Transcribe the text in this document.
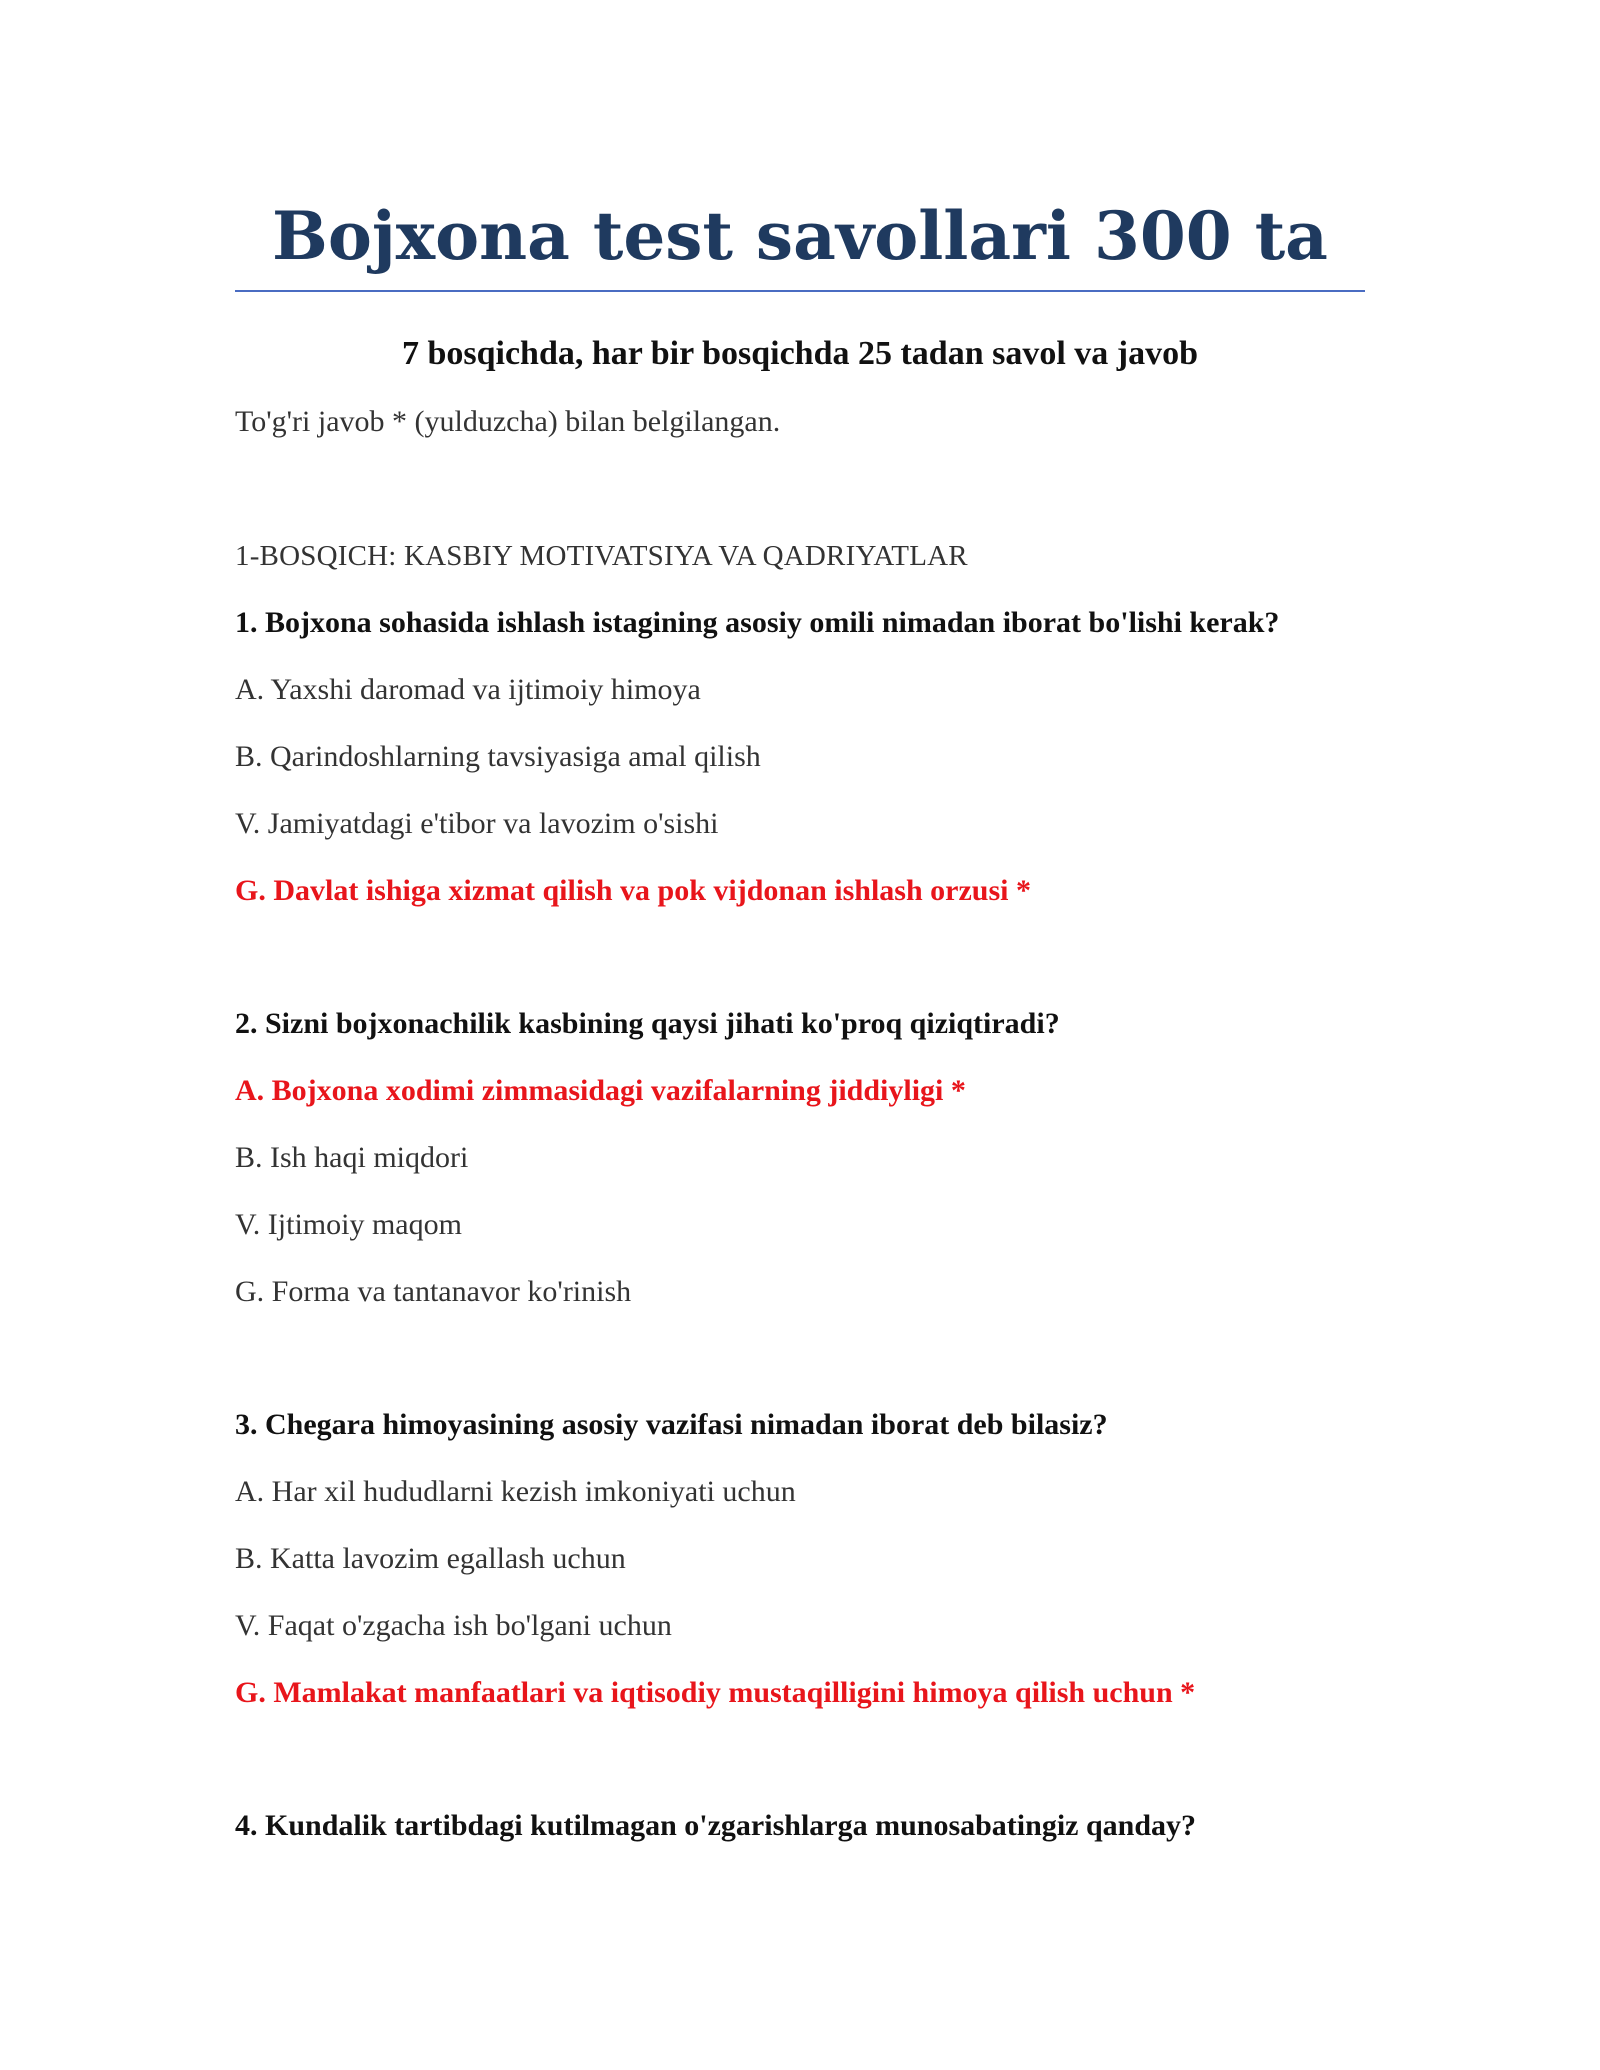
Bojxona test savollari 300 ta
7 bosqichda, har bir bosqichda 25 tadan savol va javob
To'g'ri javob * (yulduzcha) bilan belgilangan.
1-BOSQICH: KASBIY MOTIVATSIYA VA QADRIYATLAR
1. Bojxona sohasida ishlash istagining asosiy omili nimadan iborat bo'lishi kerak?
A. Yaxshi daromad va ijtimoiy himoya
B. Qarindoshlarning tavsiyasiga amal qilish
V. Jamiyatdagi e'tibor va lavozim o'sishi
G. Davlat ishiga xizmat qilish va pok vijdonan ishlash orzusi *
2. Sizni bojxonachilik kasbining qaysi jihati ko'proq qiziqtiradi?
A. Bojxona xodimi zimmasidagi vazifalarning jiddiyligi *
B. Ish haqi miqdori
V. Ijtimoiy maqom
G. Forma va tantanavor ko'rinish
3. Chegara himoyasining asosiy vazifasi nimadan iborat deb bilasiz?
A. Har xil hududlarni kezish imkoniyati uchun
B. Katta lavozim egallash uchun
V. Faqat o'zgacha ish bo'lgani uchun
G. Mamlakat manfaatlari va iqtisodiy mustaqilligini himoya qilish uchun *
4. Kundalik tartibdagi kutilmagan o'zgarishlarga munosabatingiz qanday?
